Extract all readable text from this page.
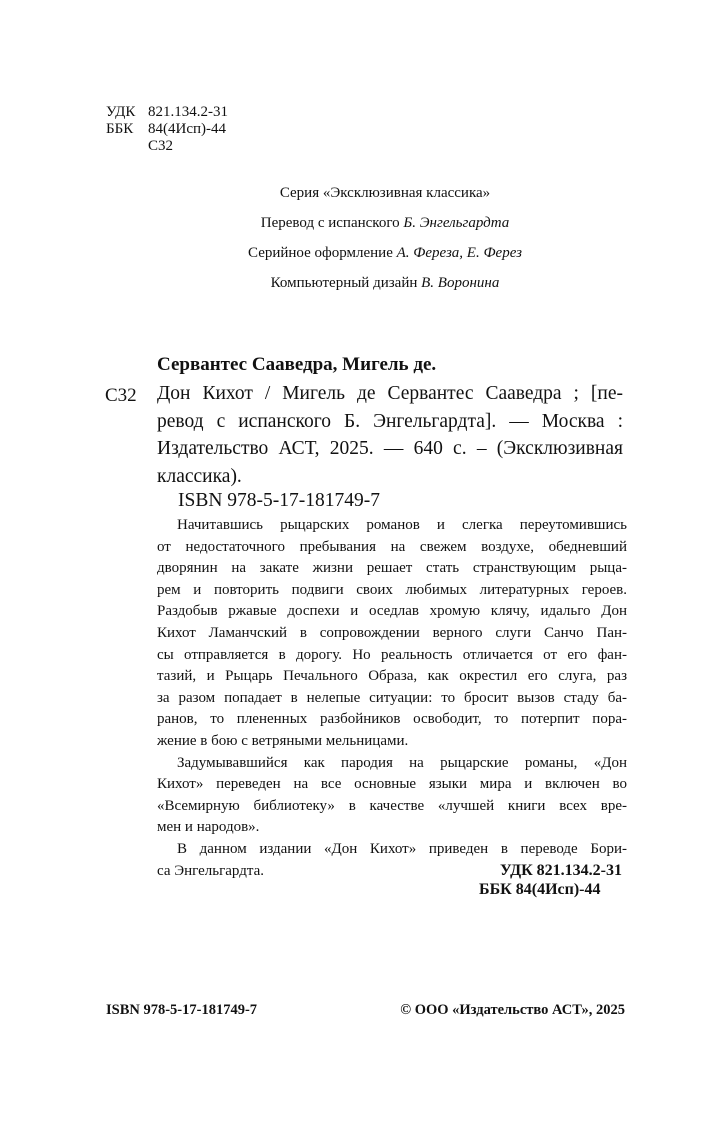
УДК 821.134.2-31
ББК 84(4Исп)-44
С32
Серия «Эксклюзивная классика»
Перевод с испанского Б. Энгельгардта
Серийное оформление А. Фереза, Е. Ферез
Компьютерный дизайн В. Воронина
Сервантес Сааведра, Мигель де.
С32 Дон Кихот / Мигель де Сервантес Сааведра ; [пе-
ревод с испанского Б. Энгельгардта]. — Москва :
Издательство АСТ, 2025. — 640 с. – (Эксклюзивная
классика).
ISBN 978-5-17-181749-7
Начитавшись рыцарских романов и слегка переутомившись
от недостаточного пребывания на свежем воздухе, обедневший
дворянин на закате жизни решает стать странствующим рыца-
рем и повторить подвиги своих любимых литературных героев.
Раздобыв ржавые доспехи и оседлав хромую клячу, идальго Дон
Кихот Ламанчский в сопровождении верного слуги Санчо Пан-
сы отправляется в дорогу. Но реальность отличается от его фан-
тазий, и Рыцарь Печального Образа, как окрестил его слуга, раз
за разом попадает в нелепые ситуации: то бросит вызов стаду ба-
ранов, то плененных разбойников освободит, то потерпит пора-
жение в бою с ветряными мельницами.
Задумывавшийся как пародия на рыцарские романы, «Дон
Кихот» переведен на все основные языки мира и включен во
«Всемирную библиотеку» в качестве «лучшей книги всех вре-
мен и народов».
В данном издании «Дон Кихот» приведен в переводе Бори-
са Энгельгардта.	УДК 821.134.2-31
ББК 84(4Исп)-44
ISBN 978-5-17-181749-7	© ООО «Издательство АСТ», 2025
